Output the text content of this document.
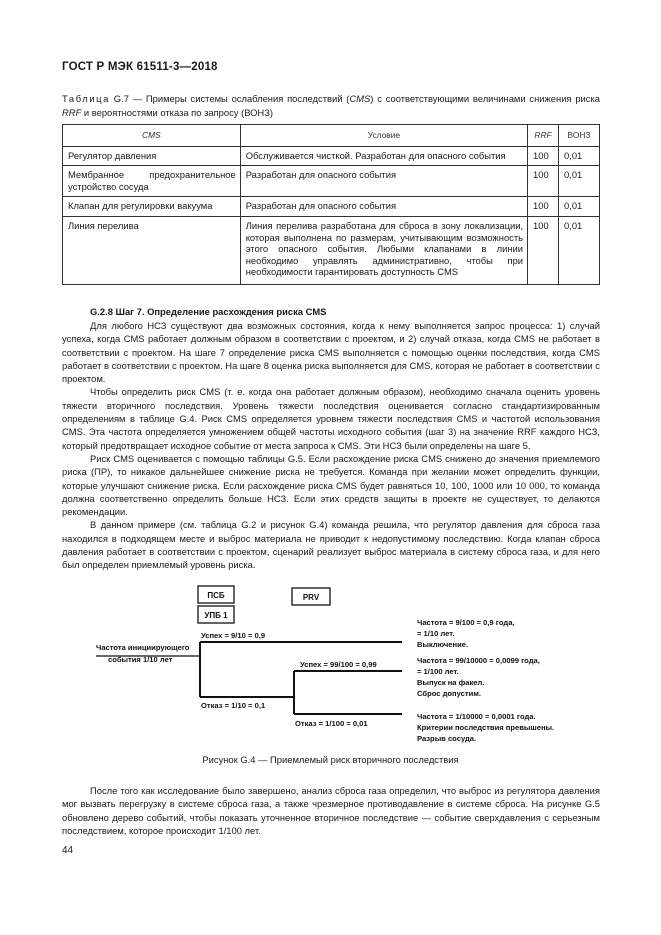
ГОСТ Р МЭК 61511-3—2018
Таблица G.7 — Примеры системы ослабления последствий (CMS) с соответствующими величинами снижения риска RRF и вероятностями отказа по запросу (ВОНЗ)
CMS	Условие	RRF	ВОНЗ
Регулятор давления	Обслуживается чисткой. Разработан для опасного события	100	0,01
Мембранное предохранительное устройство сосуда	Разработан для опасного события	100	0,01
Клапан для регулировки вакуума	Разработан для опасного события	100	0,01
Линия перелива	Линия перелива разработана для сброса в зону локализации, которая выполнена по размерам, учитывающим возможность этого опасного события. Любыми клапанами в линии необходимо управлять административно, чтобы при необходимости гарантировать доступность CMS	100	0,01
G.2.8 Шаг 7. Определение расхождения риска CMS

Для любого НСЗ существуют два возможных состояния, когда к нему выполняется запрос процесса: 1) случай успеха, когда CMS работает должным образом в соответствии с проектом, и 2) случай отказа, когда CMS не работает в соответствии с проектом. На шаге 7 определение риска CMS выполняется с помощью оценки последствия, когда CMS работает в соответствии с проектом. На шаге 8 оценка риска выполняется для CMS, которая не работает в соответствии с проектом.

Чтобы определить риск CMS (т. е. когда она работает должным образом), необходимо сначала оценить уровень тяжести вторичного последствия. Уровень тяжести последствия оценивается согласно стандартизированным определениям в таблице G.4. Риск CMS определяется уровнем тяжести последствия CMS и частотой использования CMS. Эта частота определяется умножением общей частоты исходного события (шаг 3) на значение RRF каждого НСЗ, который предотвращает исходное событие от места запроса к CMS. Эти НСЗ были определены на шаге 5.

Риск CMS оценивается с помощью таблицы G.5. Если расхождение риска CMS снижено до значения приемлемого риска (ПР), то никакое дальнейшее снижение риска не требуется. Команда при желании может определить функции, которые улучшают снижение риска. Если расхождение риска CMS будет равняться 10, 100, 1000 или 10 000, то команда должна соответственно определить больше НСЗ. Если этих средств защиты в проекте не существует, то делаются рекомендации.

В данном примере (см. таблица G.2 и рисунок G.4) команда решила, что регулятор давления для сброса газа находился в подходящем месте и выброс материала не приводит к недопустимому последствию. Когда клапан сброса давления работает в соответствии с проектом, сценарий реализует выброс материала в систему сброса газа, и для него был определен приемлемый уровень риска.

ПСБ
УПБ 1
PRV
Частота инициирующего
события 1/10 лет
Успех = 9/10 = 0,9
Отказ = 1/10 = 0,1
Успех = 99/100 = 0,99
Отказ = 1/100 = 0,01
Частота = 9/100 = 0,9 года,
= 1/10 лет.
Выключение.
Частота = 99/10000 = 0,0099 года,
= 1/100 лет.
Выпуск на факел.
Сброс допустим.
Частота = 1/10000 = 0,0001 года.
Критерии последствия превышены.
Разрыв сосуда.
Рисунок G.4 — Приемлемый риск вторичного последствия

После того как исследование было завершено, анализ сброса газа определил, что выброс из регулятора давления мог вызвать перегрузку в системе сброса газа, а также чрезмерное противодавление в системе сброса. На рисунке G.5 обновлено дерево событий, чтобы показать уточненное вторичное последствие — событие сверхдавления с серьезным последствием, которое происходит 1/100 лет.

44
